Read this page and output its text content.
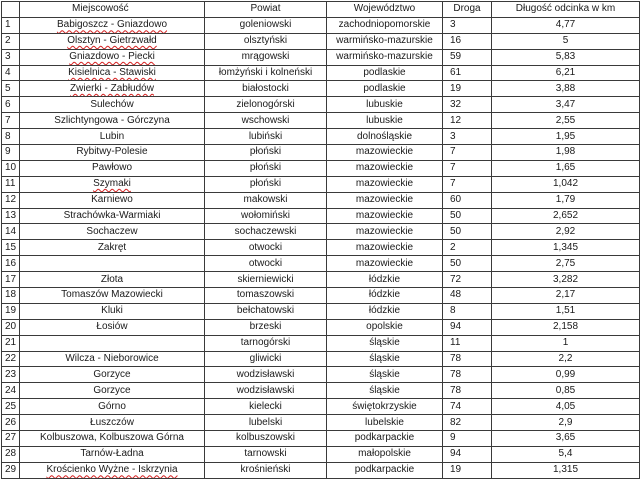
	Miejscowość	Powiat	Województwo	Droga	Długość odcinka w km
1	Babigoszcz - Gniazdowo	goleniowski	zachodniopomorskie	3	4,77
2	Olsztyn - Gietrzwałd	olsztyński	warmińsko-mazurskie	16	5
3	Gniazdowo - Piecki	mrągowski	warmińsko-mazurskie	59	5,83
4	Kisielnica - Stawiski	łomżyński i kolneński	podlaskie	61	6,21
5	Zwierki - Zabłudów	białostocki	podlaskie	19	3,88
6	Sulechów	zielonogórski	lubuskie	32	3,47
7	Szlichtyngowa - Górczyna	wschowski	lubuskie	12	2,55
8	Lubin	lubiński	dolnośląskie	3	1,95
9	Rybitwy-Polesie	płoński	mazowieckie	7	1,98
10	Pawłowo	płoński	mazowieckie	7	1,65
11	Szymaki	płoński	mazowieckie	7	1,042
12	Karniewo	makowski	mazowieckie	60	1,79
13	Strachówka-Warmiaki	wołomiński	mazowieckie	50	2,652
14	Sochaczew	sochaczewski	mazowieckie	50	2,92
15	Zakręt	otwocki	mazowieckie	2	1,345
16		otwocki	mazowieckie	50	2,75
17	Złota	skierniewicki	łódzkie	72	3,282
18	Tomaszów Mazowiecki	tomaszowski	łódzkie	48	2,17
19	Kluki	bełchatowski	łódzkie	8	1,51
20	Łosiów	brzeski	opolskie	94	2,158
21		tarnogórski	śląskie	11	1
22	Wilcza - Nieborowice	gliwicki	śląskie	78	2,2
23	Gorzyce	wodzisławski	śląskie	78	0,99
24	Gorzyce	wodzisławski	śląskie	78	0,85
25	Górno	kielecki	świętokrzyskie	74	4,05
26	Łuszczów	lubelski	lubelskie	82	2,9
27	Kolbuszowa, Kolbuszowa Górna	kolbuszowski	podkarpackie	9	3,65
28	Tarnów-Ładna	tarnowski	małopolskie	94	5,4
29	Krościenko Wyżne - Iskrzynia	krośnieński	podkarpackie	19	1,315
